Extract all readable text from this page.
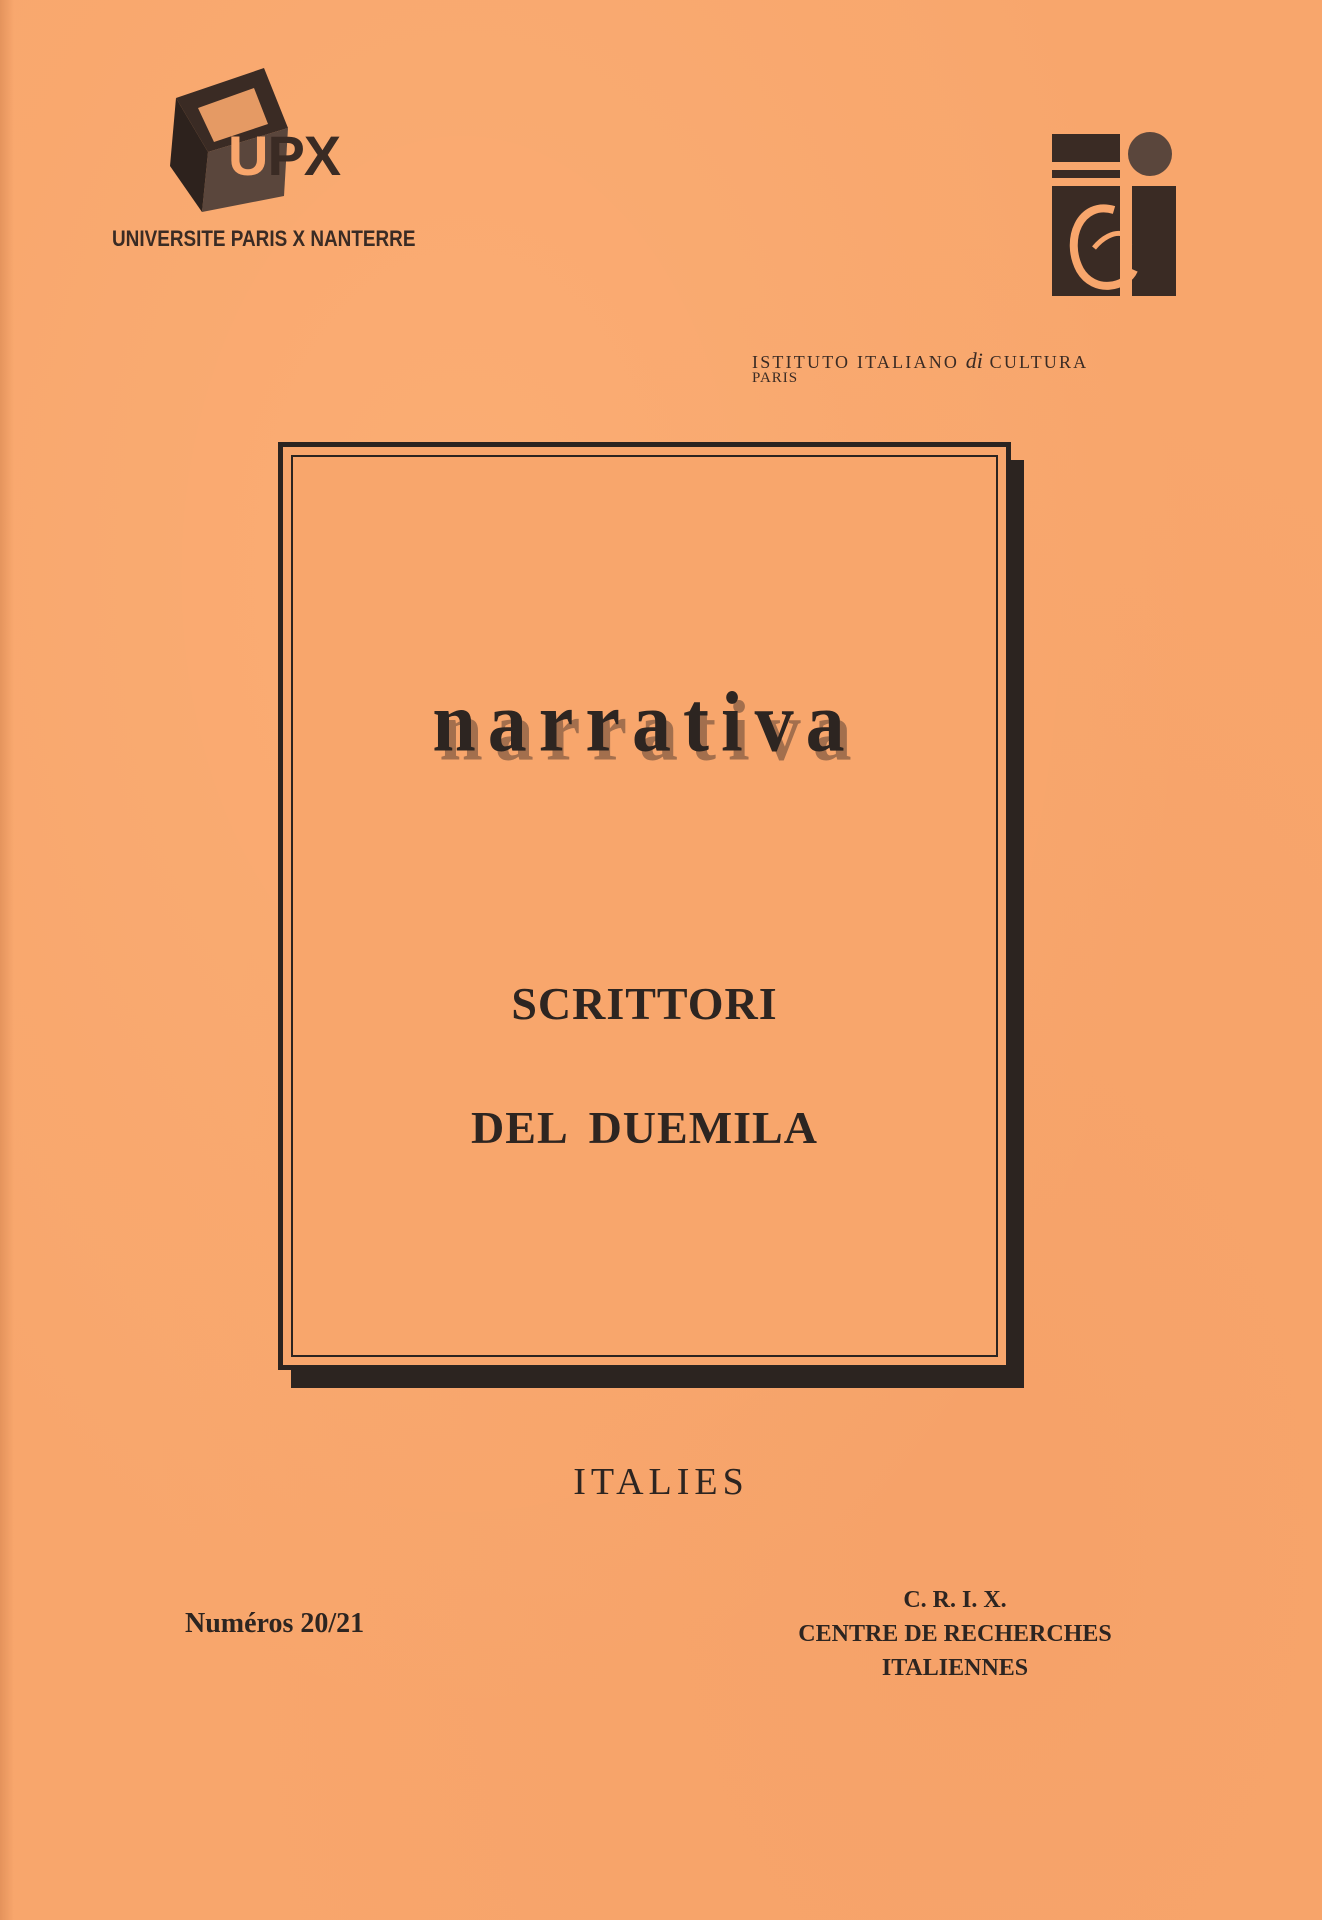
UPX
UNIVERSITE PARIS X NANTERRE
ISTITUTO ITALIANO di CULTURA
PARIS
narrativa
SCRITTORI
DEL DUEMILA
ITALIES
Numéros 20/21
C. R. I. X.
CENTRE DE RECHERCHES
ITALIENNES
